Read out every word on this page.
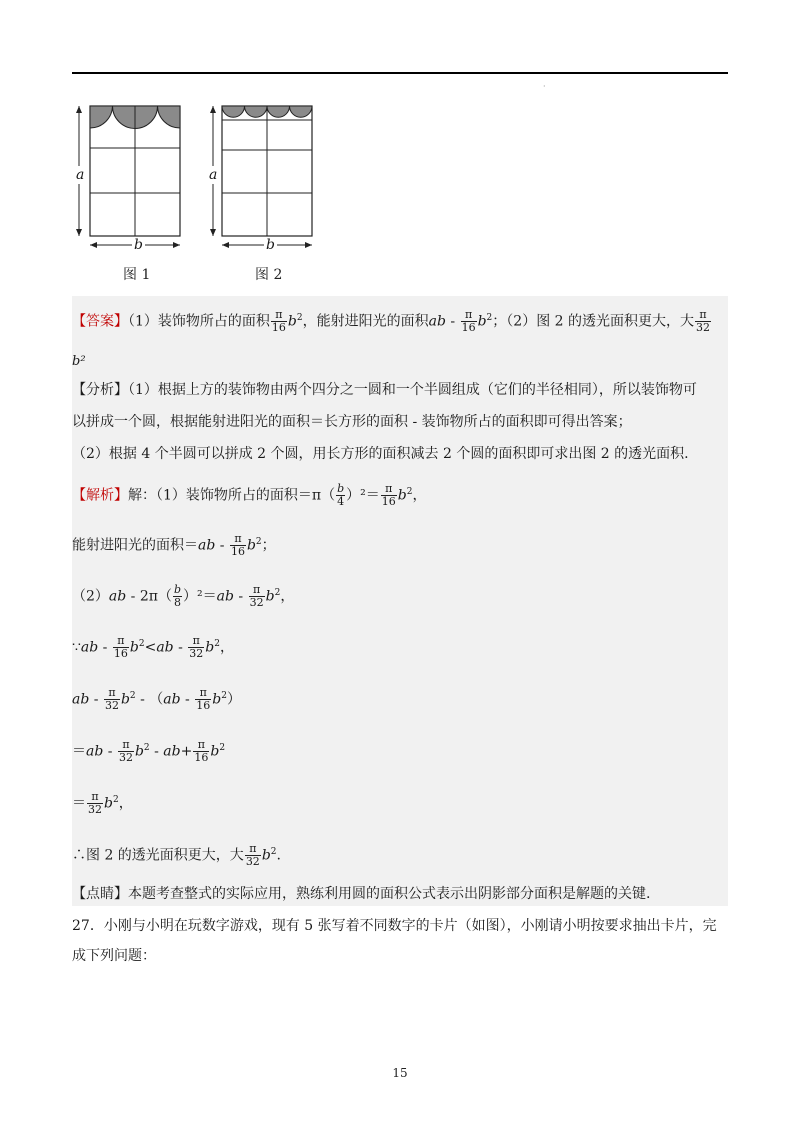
·
a
b
a
b
图 1	图 2
【答案】（1）装饰物所占的面积 $\frac{\pi}{16} b^2$，能射进阳光的面积ab - $\frac{\pi}{16} b^2$；（2）图 2 的透光面积更大，大 $\frac{\pi}{32}$
b²
【分析】（1）根据上方的装饰物由两个四分之一圆和一个半圆组成（它们的半径相同），所以装饰物可
以拼成一个圆，根据能射进阳光的面积＝长方形的面积 - 装饰物所占的面积即可得出答案；
（2）根据 4 个半圆可以拼成 2 个圆，用长方形的面积减去 2 个圆的面积即可求出图 2 的透光面积.
【解析】解：（1）装饰物所占的面积$=\pi( \frac{b}{4} )^2= \frac{\pi}{16} b^2$，
能射进阳光的面积$=ab - \frac{\pi}{16} b^2$；
$(2)ab - 2\pi( \frac{b}{8} )^2=ab - \frac{\pi}{32} b^2$，
∵ab - $\frac{\pi}{16} b^2<ab - \frac{\pi}{32} b^2$，
ab - $\frac{\pi}{32} b^2 - (ab - \frac{\pi}{16} b^2)$
$=ab - \frac{\pi}{32} b^2 - ab+ \frac{\pi}{16} b^2$
＝ $\frac{\pi}{32} b^2$，
∴图 2 的透光面积更大，大 $\frac{\pi}{32} b^2$.
【点睛】本题考查整式的实际应用，熟练利用圆的面积公式表示出阴影部分面积是解题的关键.
27．小刚与小明在玩数字游戏，现有 5 张写着不同数字的卡片（如图），小刚请小明按要求抽出卡片，完
成下列问题：
15
